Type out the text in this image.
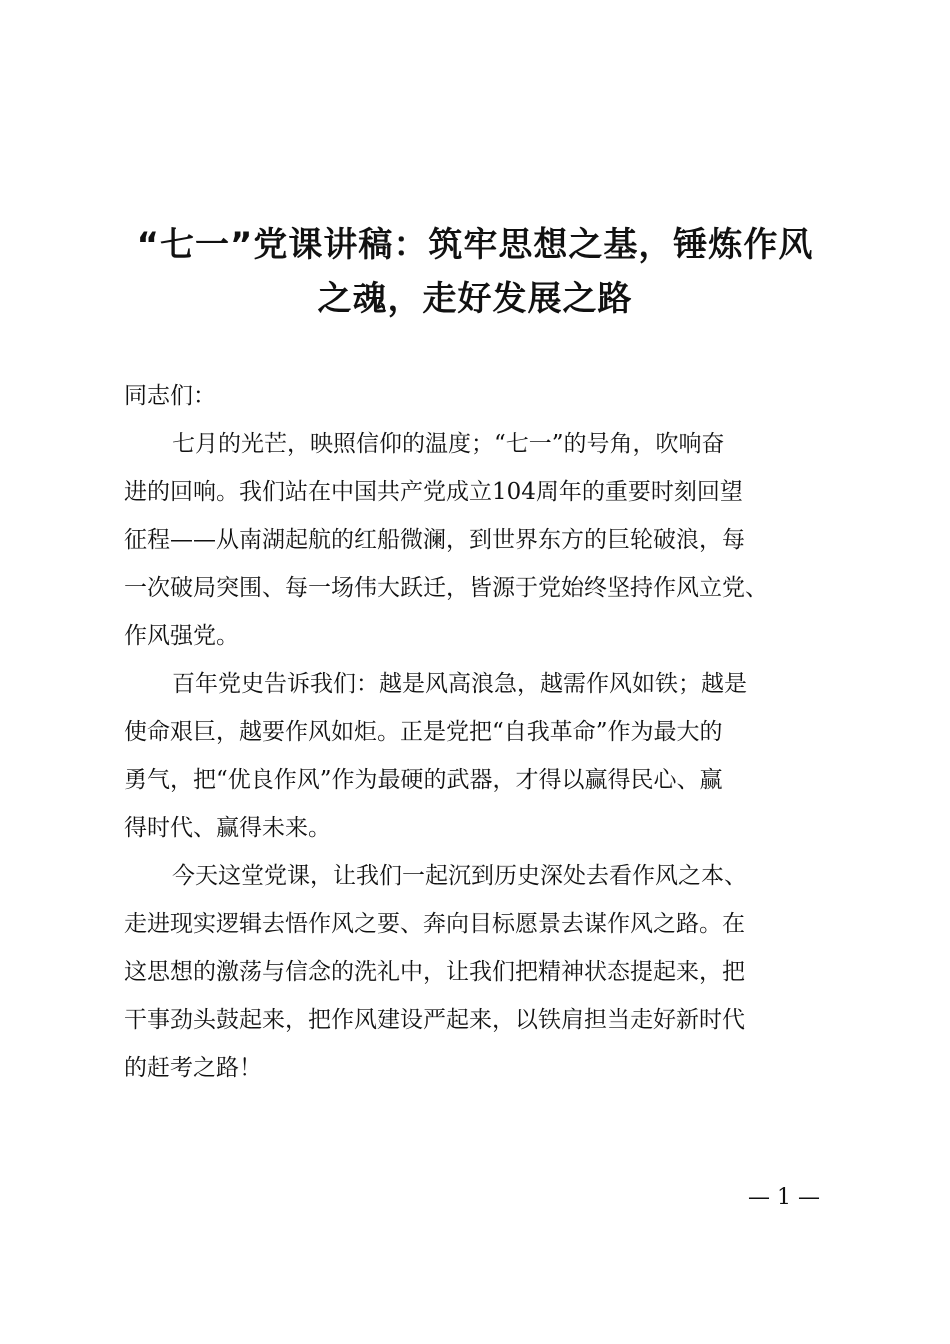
“七一”党课讲稿：筑牢思想之基，锤炼作风
之魂，走好发展之路

同志们：

七月的光芒，映照信仰的温度；“七一”的号角，吹响奋
进的回响。我们站在中国共产党成立104周年的重要时刻回望
征程——从南湖起航的红船微澜，到世界东方的巨轮破浪，每
一次破局突围、每一场伟大跃迁，皆源于党始终坚持作风立党、
作风强党。

百年党史告诉我们：越是风高浪急，越需作风如铁；越是
使命艰巨，越要作风如炬。正是党把“自我革命”作为最大的
勇气，把“优良作风”作为最硬的武器，才得以赢得民心、赢
得时代、赢得未来。

今天这堂党课，让我们一起沉到历史深处去看作风之本、
走进现实逻辑去悟作风之要、奔向目标愿景去谋作风之路。在
这思想的激荡与信念的洗礼中，让我们把精神状态提起来，把
干事劲头鼓起来，把作风建设严起来，以铁肩担当走好新时代
的赶考之路！

— 1 —
